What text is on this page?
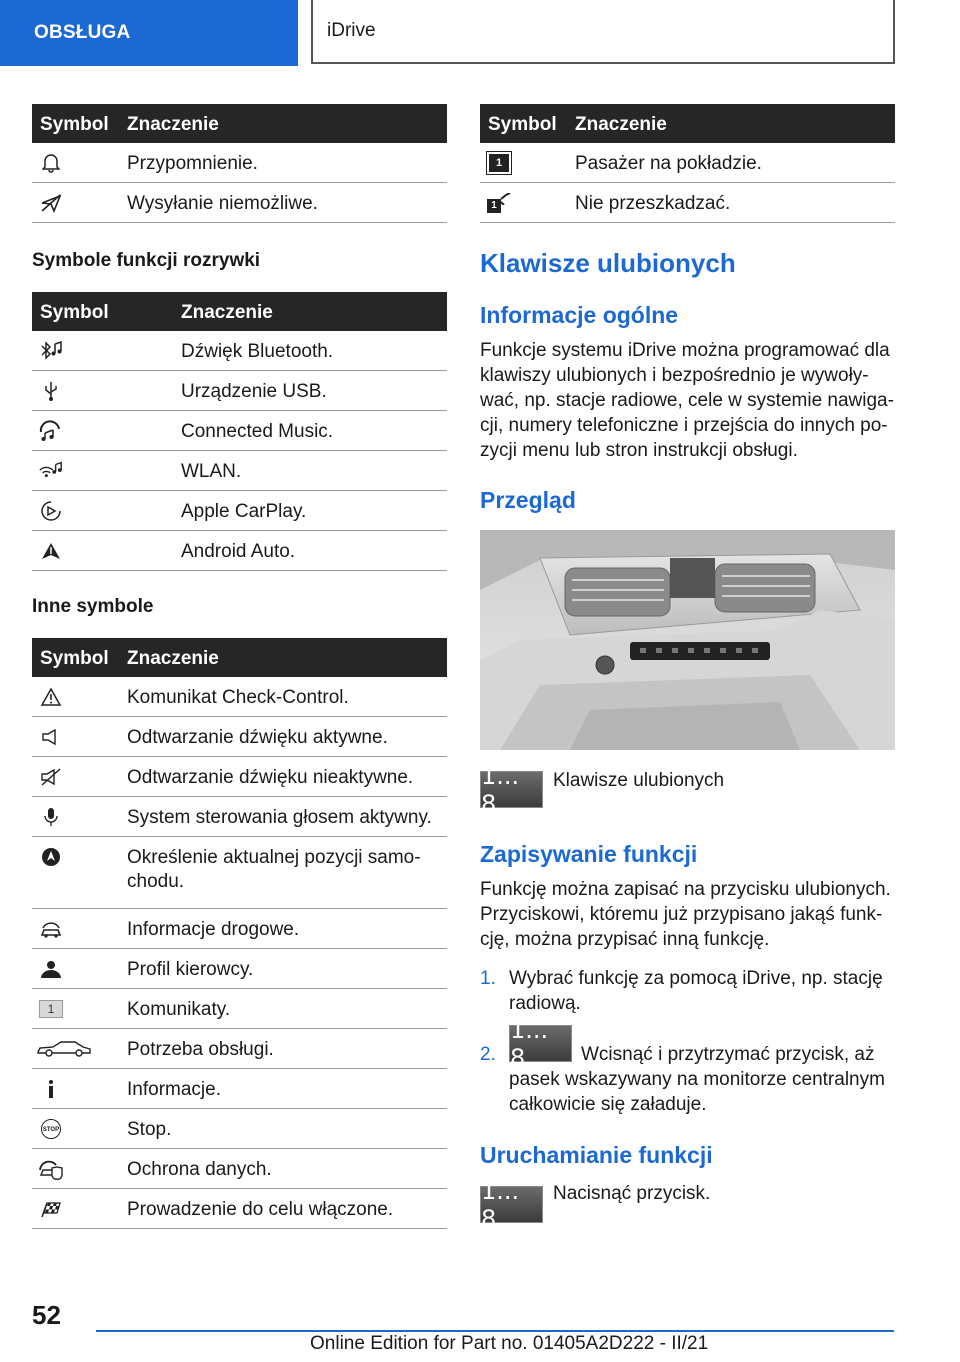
OBSŁUGA	iDrive
Symbol Znaczenie
Przypomnienie.
Wysyłanie niemożliwe.
Symbole funkcji rozrywki
Symbol	Znaczenie
Dźwięk Bluetooth.
Urządzenie USB.
Connected Music.
WLAN.
Apple CarPlay.
Android Auto.
Inne symbole
Symbol Znaczenie
Komunikat Check-Control.
Odtwarzanie dźwięku aktywne.
Odtwarzanie dźwięku nieaktywne.
System sterowania głosem aktywny.
Określenie aktualnej pozycji samo-
chodu.
Informacje drogowe.
Profil kierowcy.
1	Komunikaty.
Potrzeba obsługi.
Informacje.
STOP	Stop.
Ochrona danych.
Prowadzenie do celu włączone.
Symbol Znaczenie
1	Pasażer na pokładzie.
1	Nie przeszkadzać.
Klawisze ulubionych
Informacje ogólne
Funkcje systemu iDrive można programować dla
klawiszy ulubionych i bezpośrednio je wywoły-
wać, np. stacje radiowe, cele w systemie nawiga-
cji, numery telefoniczne i przejścia do innych po-
zycji menu lub stron instrukcji obsługi.
Przegląd
1... 8
Klawisze ulubionych
Zapisywanie funkcji
Funkcję można zapisać na przycisku ulubionych.
Przyciskowi, któremu już przypisano jakąś funk-
cję, można przypisać inną funkcję.
1. Wybrać funkcję za pomocą iDrive, np. stację
radiową.
2.
1... 8	Wcisnąć i przytrzymać przycisk, aż
pasek wskazywany na monitorze centralnym
całkowicie się załaduje.
Uruchamianie funkcji
1... 8
Nacisnąć przycisk.
52
Online Edition for Part no. 01405A2D222 - II/21
